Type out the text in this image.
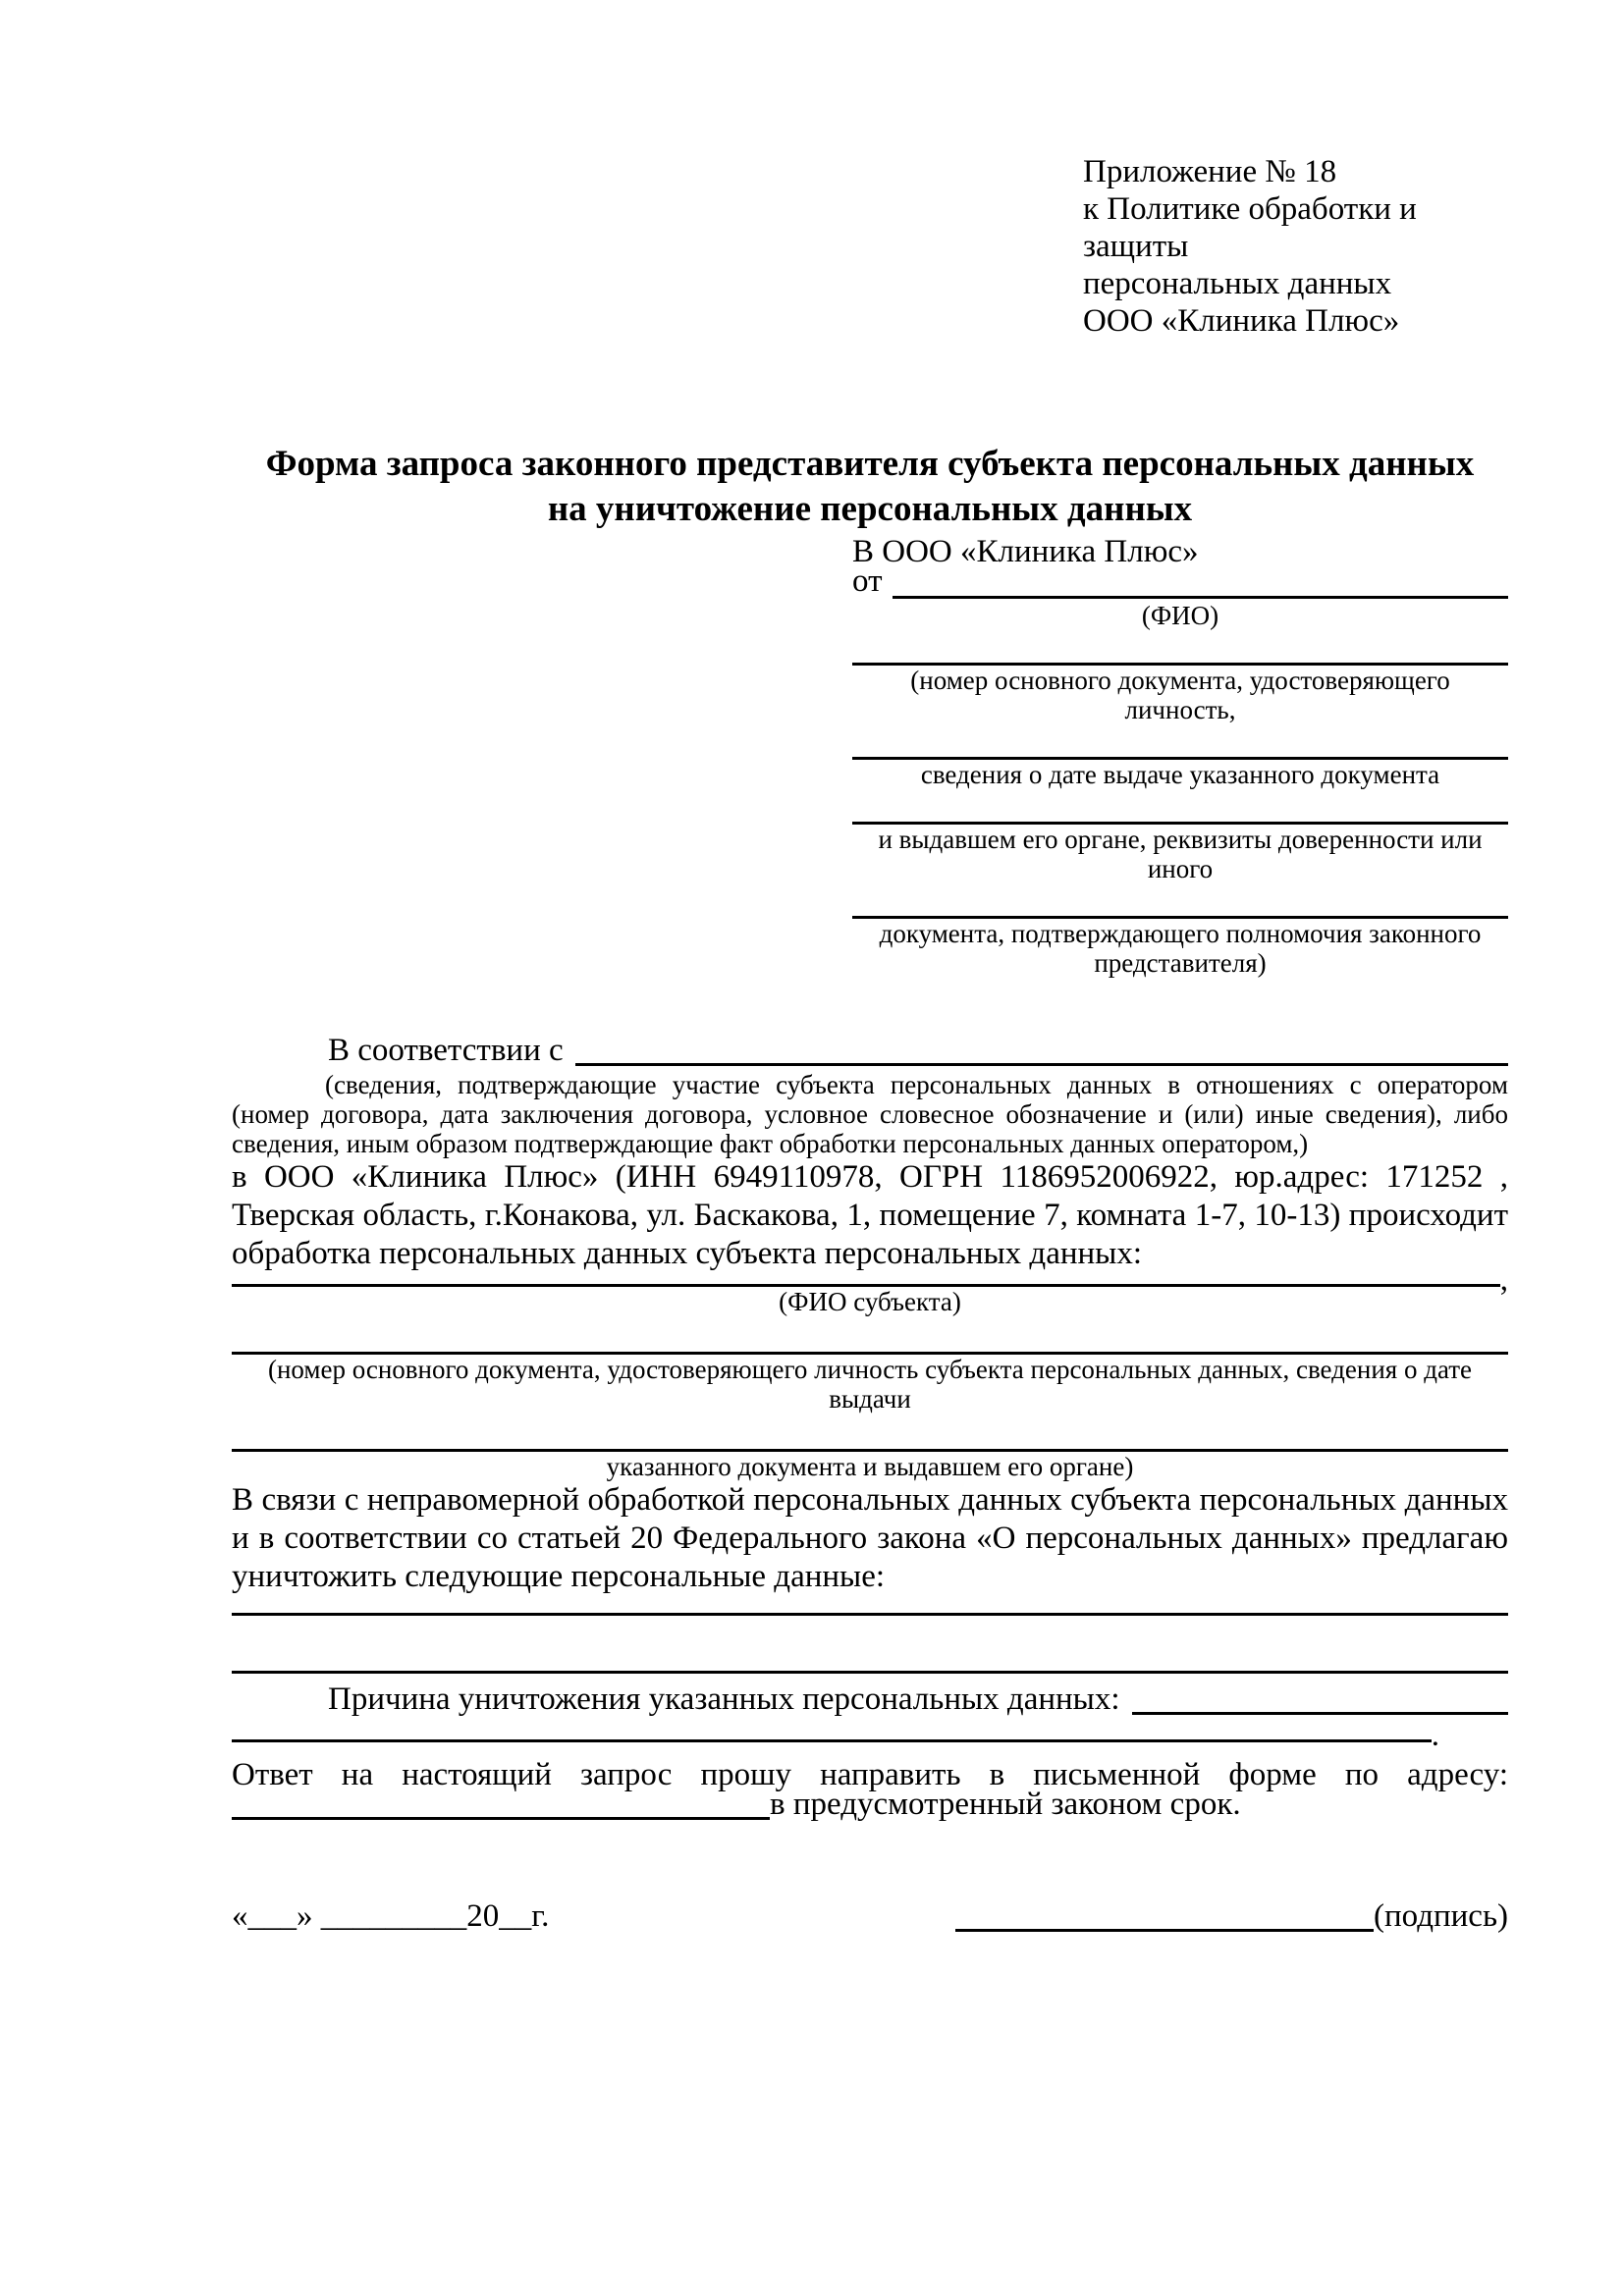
Приложение № 18
к Политике обработки и защиты
персональных данных
ООО «Клиника Плюс»
Форма запроса законного представителя субъекта персональных данных
на уничтожение персональных данных
В ООО «Клиника Плюс»
от
(ФИО)
(номер основного документа, удостоверяющего личность,
сведения о дате выдаче указанного документа
и выдавшем его органе, реквизиты доверенности или иного
документа, подтверждающего полномочия законного представителя)
В соответствии с
(сведения, подтверждающие участие субъекта персональных данных в отношениях с оператором (номер договора, дата заключения договора, условное словесное обозначение и (или) иные сведения), либо сведения, иным образом подтверждающие факт обработки персональных данных оператором,)
в ООО «Клиника Плюс» (ИНН 6949110978, ОГРН 1186952006922, юр.адрес: 171252 , Тверская область, г.Конакова, ул. Баскакова, 1, помещение 7, комната 1-7, 10-13) происходит обработка персональных данных субъекта персональных данных:
,
(ФИО субъекта)
(номер основного документа, удостоверяющего личность субъекта персональных данных, сведения о дате выдачи
указанного документа и выдавшем его органе)
В связи с неправомерной обработкой персональных данных субъекта персональных данных и в соответствии со статьей 20 Федерального закона «О персональных данных» предлагаю уничтожить следующие персональные данные:
Причина уничтожения указанных персональных данных:
.
Ответ на настоящий запрос прошу направить в письменной форме по адресу:
в предусмотренный законом срок.
«___» _________20__г.	(подпись)
